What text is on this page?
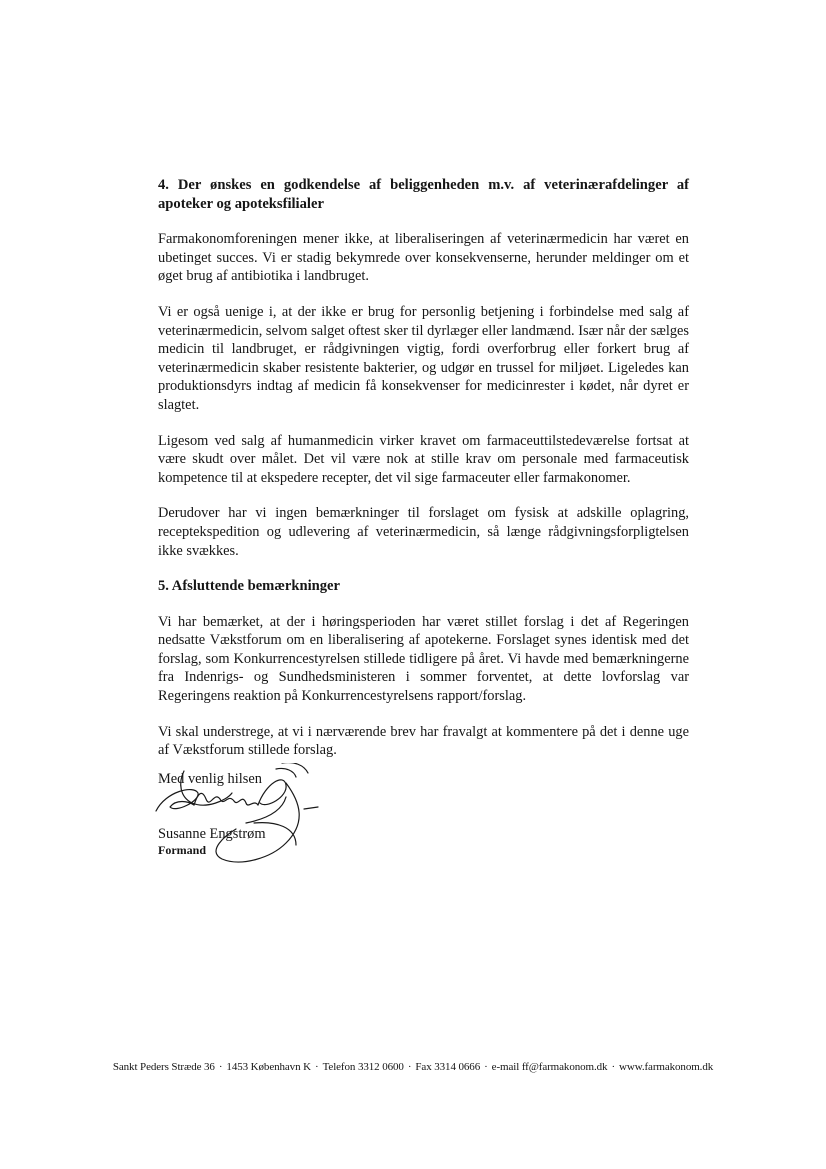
4. Der ønskes en godkendelse af beliggenheden m.v. af veterinærafdelinger af apoteker og apoteksfilialer

Farmakonomforeningen mener ikke, at liberaliseringen af veterinærmedicin har været en ubetinget succes. Vi er stadig bekymrede over konsekvenserne, herunder meldinger om et øget brug af antibiotika i landbruget.

Vi er også uenige i, at der ikke er brug for personlig betjening i forbindelse med salg af veterinærmedicin, selvom salget oftest sker til dyrlæger eller landmænd. Især når der sælges medicin til landbruget, er rådgivningen vigtig, fordi overforbrug eller forkert brug af veterinærmedicin skaber resistente bakterier, og udgør en trussel for miljøet. Ligeledes kan produktionsdyrs indtag af medicin få konsekvenser for medicinrester i kødet, når dyret er slagtet.

Ligesom ved salg af humanmedicin virker kravet om farmaceuttilstedeværelse fortsat at være skudt over målet. Det vil være nok at stille krav om personale med farmaceutisk kompetence til at ekspedere recepter, det vil sige farmaceuter eller farmakonomer.

Derudover har vi ingen bemærkninger til forslaget om fysisk at adskille oplagring, receptekspedition og udlevering af veterinærmedicin, så længe rådgivningsforpligtelsen ikke svækkes.

5. Afsluttende bemærkninger

Vi har bemærket, at der i høringsperioden har været stillet forslag i det af Regeringen nedsatte Vækstforum om en liberalisering af apotekerne. Forslaget synes identisk med det forslag, som Konkurrencestyrelsen stillede tidligere på året. Vi havde med bemærkningerne fra Indenrigs- og Sundhedsministeren i sommer forventet, at dette lovforslag var Regeringens reaktion på Konkurrencestyrelsens rapport/forslag.

Vi skal understrege, at vi i nærværende brev har fravalgt at kommentere på det i denne uge af Vækstforum stillede forslag.

Med venlig hilsen
Susanne Engstrøm
Formand
Sankt Peders Stræde 36 · 1453 København K · Telefon 3312 0600 · Fax 3314 0666 · e-mail ff@farmakonom.dk · www.farmakonom.dk
